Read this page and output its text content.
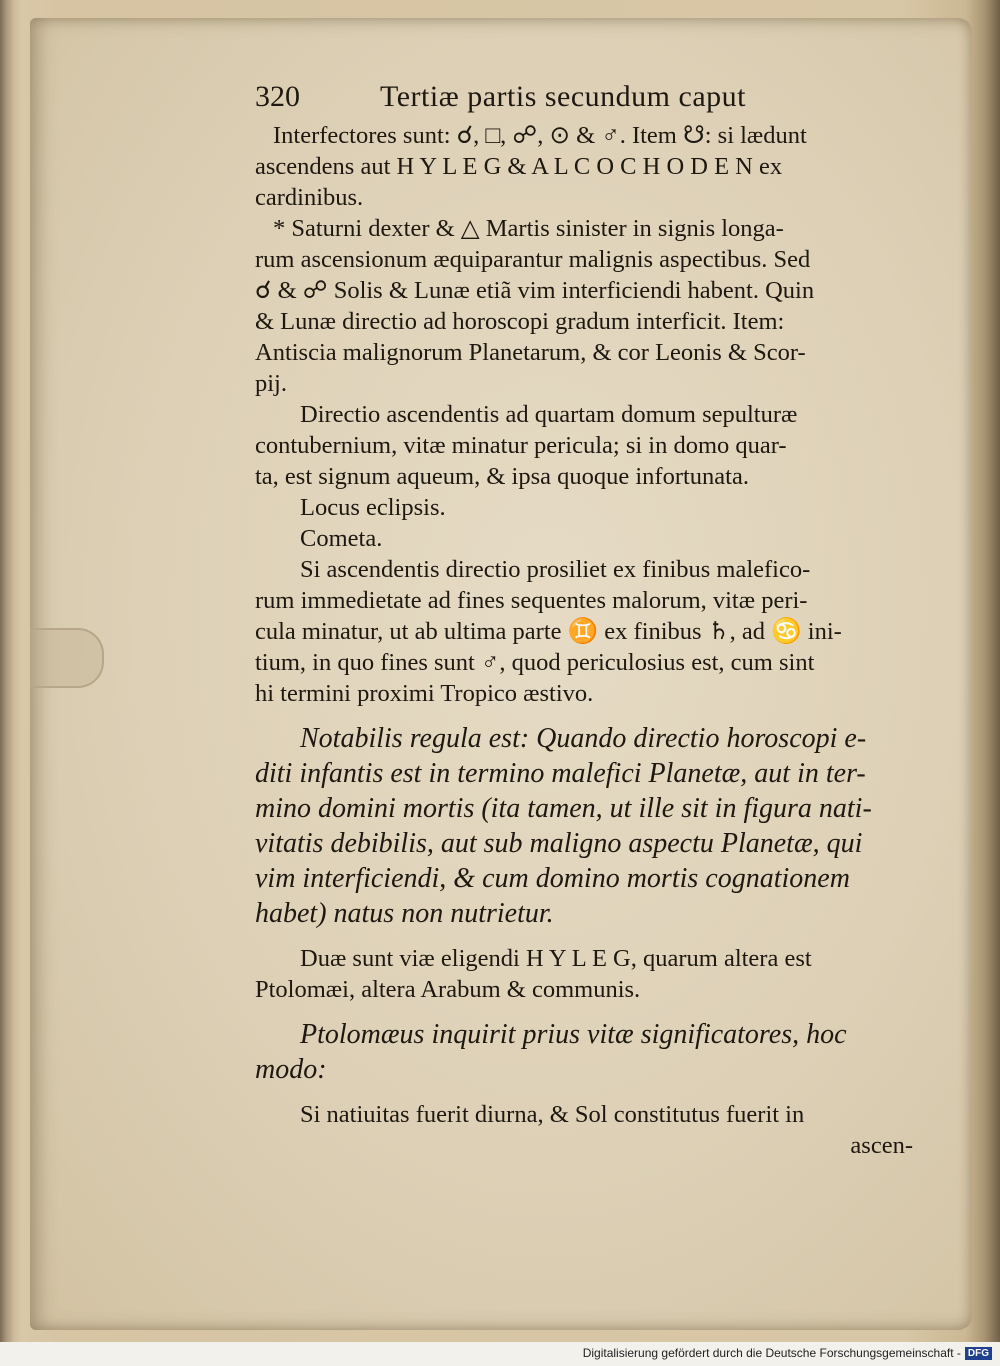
320	Tertiæ partis secundum caput
Interfectores sunt: ☌, □, ☍, ⊙ & ♂. Item ☋: si lædunt
ascendens aut H Y L E G & A L C O C H O D E N ex
cardinibus.
* Saturni dexter & △ Martis sinister in signis longa-
rum ascensionum æquiparantur malignis aspectibus. Sed
☌ & ☍ Solis & Lunæ etiã vim interficiendi habent. Quin
& Lunæ directio ad horoscopi gradum interficit. Item:
Antiscia malignorum Planetarum, & cor Leonis & Scor-
pij.
Directio ascendentis ad quartam domum sepulturæ
contubernium, vitæ minatur pericula; si in domo quar-
ta, est signum aqueum, & ipsa quoque infortunata.
Locus eclipsis.
Cometa.
Si ascendentis directio prosiliet ex finibus malefico-
rum immedietate ad fines sequentes malorum, vitæ peri-
cula minatur, ut ab ultima parte ♊ ex finibus ♄, ad ♋ ini-
tium, in quo fines sunt ♂, quod periculosius est, cum sint
hi termini proximi Tropico æstivo.
Notabilis regula est: Quando directio horoscopi e-
diti infantis est in termino malefici Planetæ, aut in ter-
mino domini mortis (ita tamen, ut ille sit in figura nati-
vitatis debibilis, aut sub maligno aspectu Planetæ, qui
vim interficiendi, & cum domino mortis cognationem
habet) natus non nutrietur.
Duæ sunt viæ eligendi H Y L E G, quarum altera est
Ptolomæi, altera Arabum & communis.
Ptolomæus inquirit prius vitæ significatores, hoc
modo:
Si natiuitas fuerit diurna, & Sol constitutus fuerit in
ascen-
Digitalisierung gefördert durch die Deutsche Forschungsgemeinschaft - DFG
